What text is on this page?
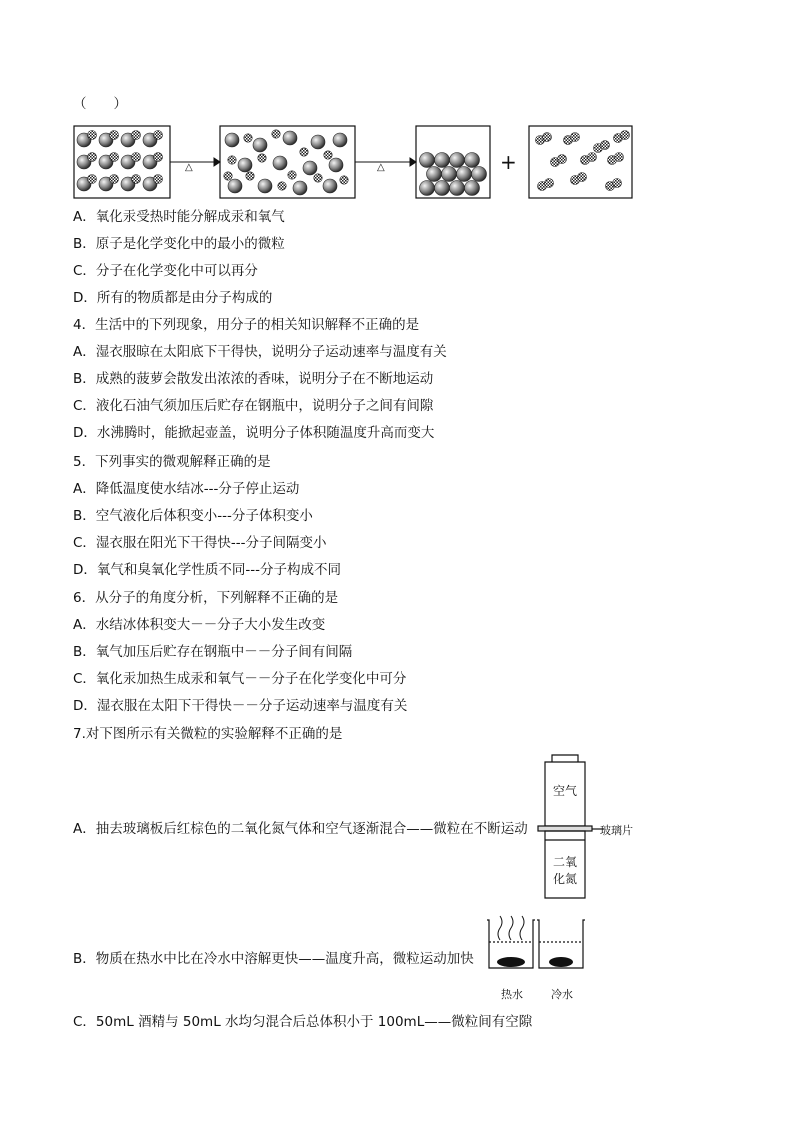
（　　）
△	△	+
A．氧化汞受热时能分解成汞和氧气
B．原子是化学变化中的最小的微粒
C．分子在化学变化中可以再分
D．所有的物质都是由分子构成的
4．生活中的下列现象，用分子的相关知识解释不正确的是
A．湿衣服晾在太阳底下干得快，说明分子运动速率与温度有关
B．成熟的菠萝会散发出浓浓的香味，说明分子在不断地运动
C．液化石油气须加压后贮存在钢瓶中，说明分子之间有间隙
D．水沸腾时，能掀起壶盖，说明分子体积随温度升高而变大
5．下列事实的微观解释正确的是
A．降低温度使水结冰---分子停止运动
B．空气液化后体积变小---分子体积变小
C．湿衣服在阳光下干得快---分子间隔变小
D．氧气和臭氧化学性质不同---分子构成不同
6．从分子的角度分析，下列解释不正确的是
A．水结冰体积变大－－分子大小发生改变
B．氧气加压后贮存在钢瓶中－－分子间有间隔
C．氧化汞加热生成汞和氧气－－分子在化学变化中可分
D．湿衣服在太阳下干得快－－分子运动速率与温度有关
7.对下图所示有关微粒的实验解释不正确的是
A．抽去玻璃板后红棕色的二氧化氮气体和空气逐渐混合——微粒在不断运动
空气
玻璃片
二氧
化氮
B．物质在热水中比在冷水中溶解更快——温度升高，微粒运动加快
热水	冷水
C．50mL 酒精与 50mL 水均匀混合后总体积小于 100mL——微粒间有空隙
